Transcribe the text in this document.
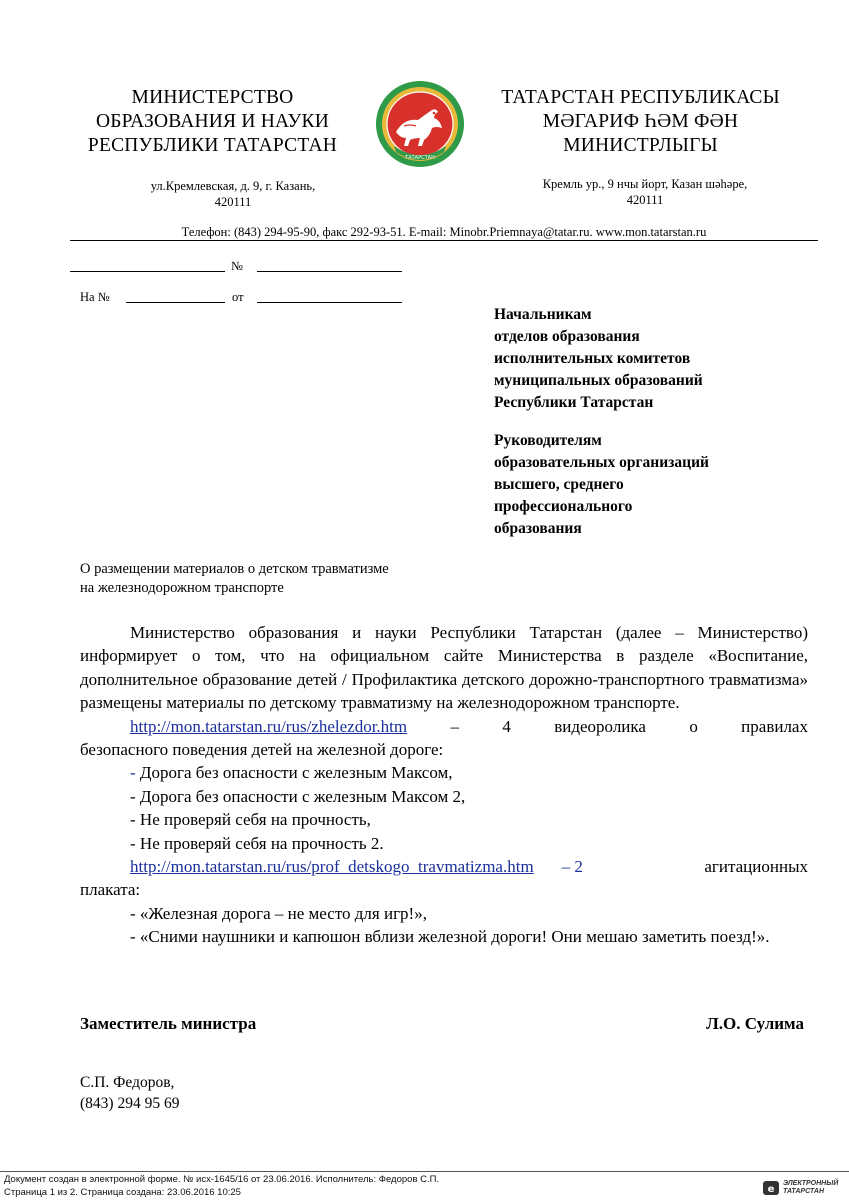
МИНИСТЕРСТВО
ОБРАЗОВАНИЯ И НАУКИ
РЕСПУБЛИКИ ТАТАРСТАН
ТАТАРСТАН
ТАТАРСТАН РЕСПУБЛИКАСЫ
МӘГАРИФ ҺӘМ ФӘН
МИНИСТРЛЫГЫ
ул.Кремлевская, д. 9, г. Казань,
420111
Кремль ур., 9 нчы йорт, Казан шәһәре,
420111
Телефон: (843) 294-95-90, факс 292-93-51. E-mail: Minobr.Priemnaya@tatar.ru. www.mon.tatarstan.ru
№
На №	от
Начальникам
отделов образования
исполнительных комитетов
муниципальных образований
Республики Татарстан
Руководителям
образовательных организаций
высшего, среднего
профессионального
образования
О размещении материалов о детском травматизме
на железнодорожном транспорте

Министерство образования и науки Республики Татарстан (далее – Министерство) информирует о том, что на официальном сайте Министерства в разделе «Воспитание, дополнительное образование детей / Профилактика детского дорожно-транспортного травматизма» размещены материалы по детскому травматизму на железнодорожном транспорте.

http://mon.tatarstan.ru/rus/zhelezdor.htm	–	4	видеоролика	о	правилах

безопасного поведения детей на железной дороге:

- Дорога без опасности с железным Максом,

- Дорога без опасности с железным Максом 2,

- Не проверяй себя на прочность,

- Не проверяй себя на прочность 2.

http://mon.tatarstan.ru/rus/prof_detskogo_travmatizma.htm – 2	агитационных

плаката:

- «Железная дорога – не место для игр!»,

- «Сними наушники и капюшон вблизи железной дороги! Они мешаю заметить поезд!».

Заместитель министра	Л.О. Сулима
С.П. Федоров,
(843) 294 95 69
Документ создан в электронной форме. № исх-1645/16 от 23.06.2016. Исполнитель: Федоров С.П.
Страница 1 из 2. Страница создана: 23.06.2016 10:25	e
ЭЛЕКТРОННЫЙ
ТАТАРСТАН
